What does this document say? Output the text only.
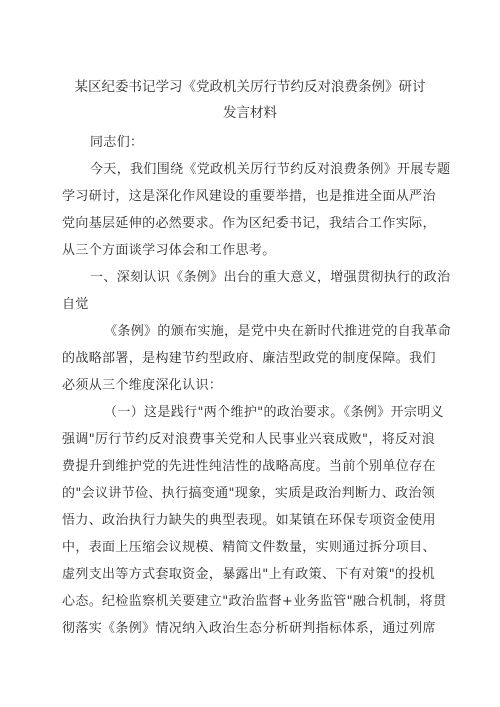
某区纪委书记学习《党政机关厉行节约反对浪费条例》研讨
发言材料
同志们：
今天，我们围绕《党政机关厉行节约反对浪费条例》开展专题
学习研讨，这是深化作风建设的重要举措，也是推进全面从严治
党向基层延伸的必然要求。作为区纪委书记，我结合工作实际，
从三个方面谈学习体会和工作思考。
一、深刻认识《条例》出台的重大意义，增强贯彻执行的政治
自觉
《条例》的颁布实施，是党中央在新时代推进党的自我革命
的战略部署，是构建节约型政府、廉洁型政党的制度保障。我们
必须从三个维度深化认识：
（一）这是践行"两个维护"的政治要求。《条例》开宗明义
强调"厉行节约反对浪费事关党和人民事业兴衰成败"，将反对浪
费提升到维护党的先进性纯洁性的战略高度。当前个别单位存在
的"会议讲节俭、执行搞变通"现象，实质是政治判断力、政治领
悟力、政治执行力缺失的典型表现。如某镇在环保专项资金使用
中，表面上压缩会议规模、精简文件数量，实则通过拆分项目、
虚列支出等方式套取资金，暴露出"上有政策、下有对策"的投机
心态。纪检监察机关要建立"政治监督+业务监管"融合机制，将贯
彻落实《条例》情况纳入政治生态分析研判指标体系，通过列席
